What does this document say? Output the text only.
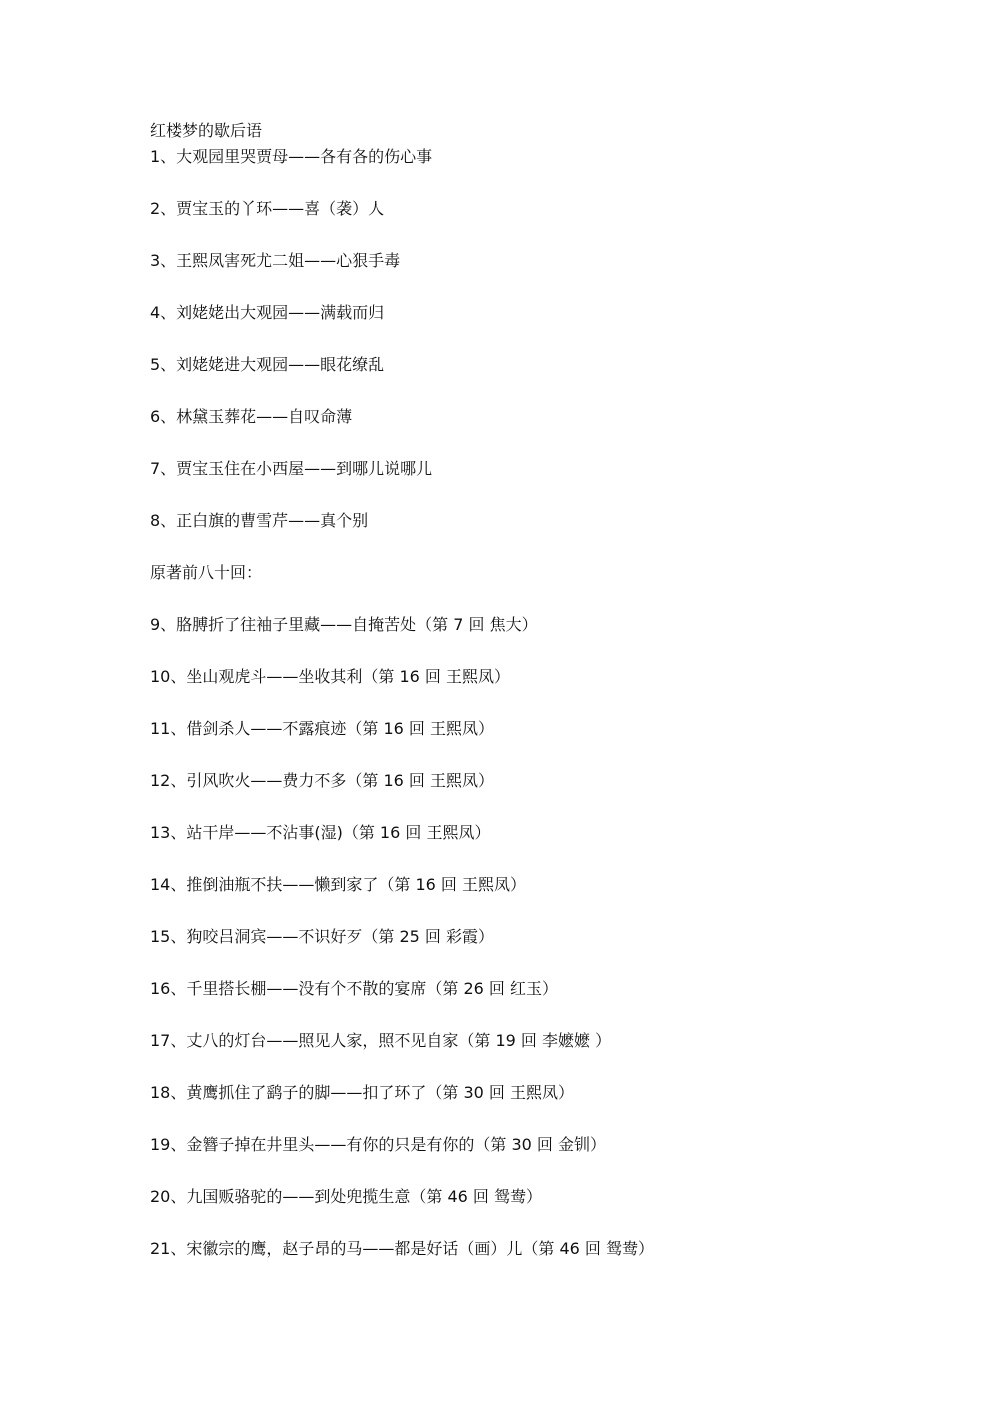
红楼梦的歇后语
1、大观园里哭贾母——各有各的伤心事
2、贾宝玉的丫环——喜（袭）人
3、王熙凤害死尤二姐——心狠手毒
4、刘姥姥出大观园——满载而归
5、刘姥姥进大观园——眼花缭乱
6、林黛玉葬花——自叹命薄
7、贾宝玉住在小西屋——到哪儿说哪儿
8、正白旗的曹雪芹——真个别
原著前八十回：
9、胳膊折了往袖子里藏——自掩苦处（第 7 回 焦大）
10、坐山观虎斗——坐收其利（第 16 回 王熙凤）
11、借剑杀人——不露痕迹（第 16 回 王熙凤）
12、引风吹火——费力不多（第 16 回 王熙凤）
13、站干岸——不沾事(湿)（第 16 回 王熙凤）
14、推倒油瓶不扶——懒到家了（第 16 回 王熙凤）
15、狗咬吕洞宾——不识好歹（第 25 回 彩霞）
16、千里搭长棚——没有个不散的宴席（第 26 回 红玉）
17、丈八的灯台——照见人家，照不见自家（第 19 回 李嬷嬷 ）
18、黄鹰抓住了鹞子的脚——扣了环了（第 30 回 王熙凤）
19、金簪子掉在井里头——有你的只是有你的（第 30 回 金钏）
20、九国贩骆驼的——到处兜揽生意（第 46 回 鸳鸯）
21、宋徽宗的鹰，赵子昂的马——都是好话（画）儿（第 46 回 鸳鸯）
